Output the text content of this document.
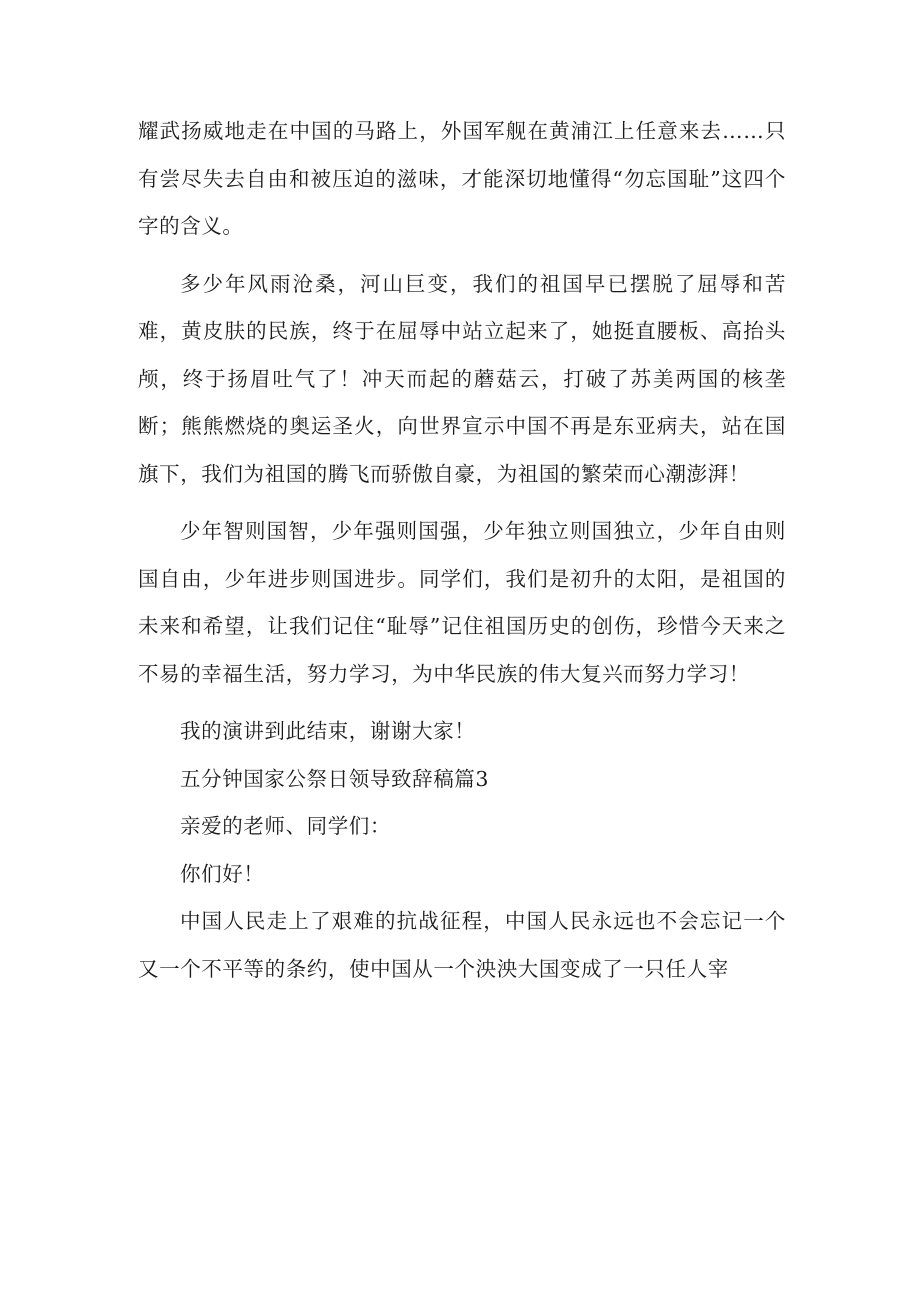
耀武扬威地走在中国的马路上，外国军舰在黄浦江上任意来去……只有尝尽失去自由和被压迫的滋味，才能深切地懂得“勿忘国耻”这四个字的含义。

多少年风雨沧桑，河山巨变，我们的祖国早已摆脱了屈辱和苦难，黄皮肤的民族，终于在屈辱中站立起来了，她挺直腰板、高抬头颅，终于扬眉吐气了！冲天而起的蘑菇云，打破了苏美两国的核垄断；熊熊燃烧的奥运圣火，向世界宣示中国不再是东亚病夫，站在国旗下，我们为祖国的腾飞而骄傲自豪，为祖国的繁荣而心潮澎湃！

少年智则国智，少年强则国强，少年独立则国独立，少年自由则国自由，少年进步则国进步。同学们，我们是初升的太阳，是祖国的未来和希望，让我们记住“耻辱”记住祖国历史的创伤，珍惜今天来之不易的幸福生活，努力学习，为中华民族的伟大复兴而努力学习！

我的演讲到此结束，谢谢大家！

五分钟国家公祭日领导致辞稿篇3

亲爱的老师、同学们：

你们好！

中国人民走上了艰难的抗战征程，中国人民永远也不会忘记一个又一个不平等的条约，使中国从一个泱泱大国变成了一只任人宰
